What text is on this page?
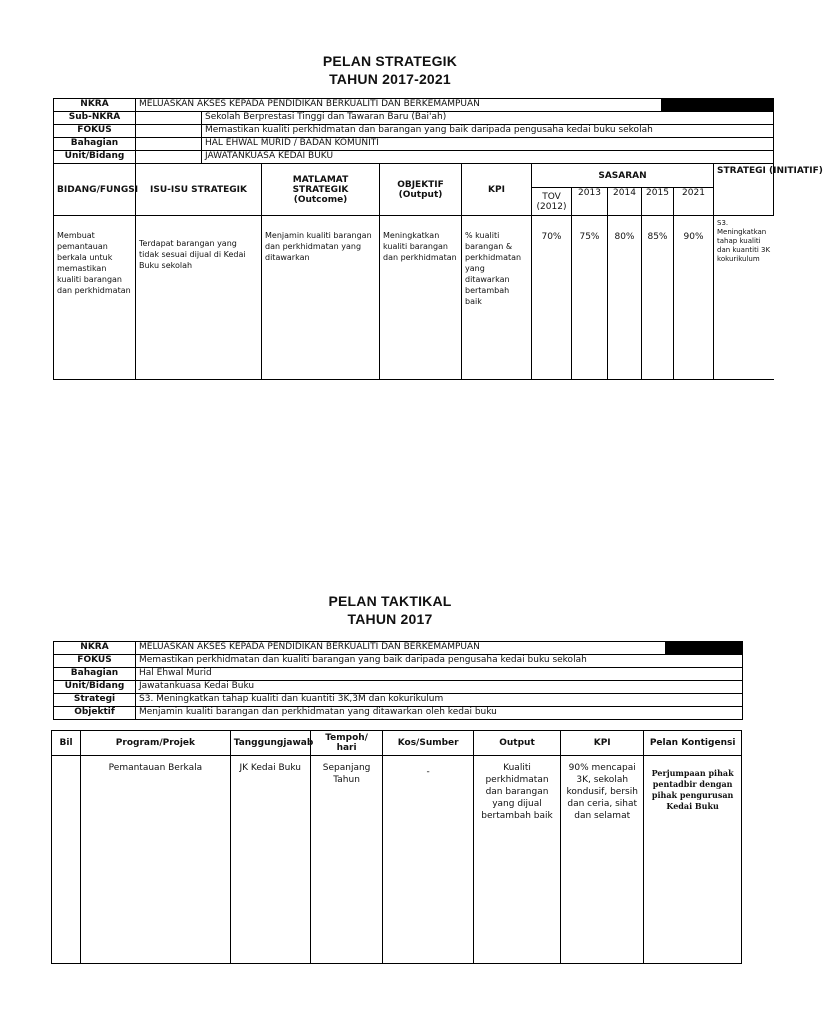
PELAN STRATEGIK
TAHUN 2017-2021
NKRA	MELUASKAN AKSES KEPADA PENDIDIKAN BERKUALITI DAN BERKEMAMPUAN		
Sub-NKRA		Sekolah Berprestasi Tinggi dan Tawaran Baru (Bai'ah)	
FOKUS		Memastikan kualiti perkhidmatan dan barangan yang baik daripada pengusaha kedai buku sekolah	
Bahagian		HAL EHWAL MURID / BADAN KOMUNITI	
Unit/Bidang		JAWATANKUASA KEDAI BUKU	
BIDANG/FUNGSI	ISU-ISU STRATEGIK	MATLAMAT STRATEGIK (Outcome)	OBJEKTIF (Output)	KPI	SASARAN					STRATEGI (INITIATIF)
					TOV (2012)	2013	2014	2015	2021	
Membuat pemantauan berkala untuk memastikan kualiti barangan dan perkhidmatan	Terdapat barangan yang tidak sesuai dijual di Kedai Buku sekolah	Menjamin kualiti barangan dan perkhidmatan yang ditawarkan	Meningkatkan kualiti barangan dan perkhidmatan	% kualiti barangan & perkhidmatan yang ditawarkan bertambah baik	70%	75%	80%	85%	90%	S3. Meningkatkan tahap kualiti dan kuantiti 3K kokurikulum
PELAN TAKTIKAL
TAHUN 2017
NKRA	MELUASKAN AKSES KEPADA PENDIDIKAN BERKUALITI DAN BERKEMAMPUAN	
FOKUS	Memastikan perkhidmatan dan kualiti barangan yang baik daripada pengusaha kedai buku sekolah	
Bahagian	Hal Ehwal Murid	
Unit/Bidang	Jawatankuasa Kedai Buku	
Strategi	S3. Meningkatkan tahap kualiti dan kuantiti 3K,3M dan kokurikulum	
Objektif	Menjamin kualiti barangan dan perkhidmatan yang ditawarkan oleh kedai buku	
Bil	Program/Projek	Tanggungjawab	Tempoh/ hari	Kos/Sumber	Output	KPI	Pelan Kontigensi
	Pemantauan Berkala	JK Kedai Buku	Sepanjang Tahun	-	Kualiti perkhidmatan dan barangan yang dijual bertambah baik	90% mencapai 3K, sekolah kondusif, bersih dan ceria, sihat dan selamat	Perjumpaan pihak pentadbir dengan pihak pengurusan Kedai Buku
